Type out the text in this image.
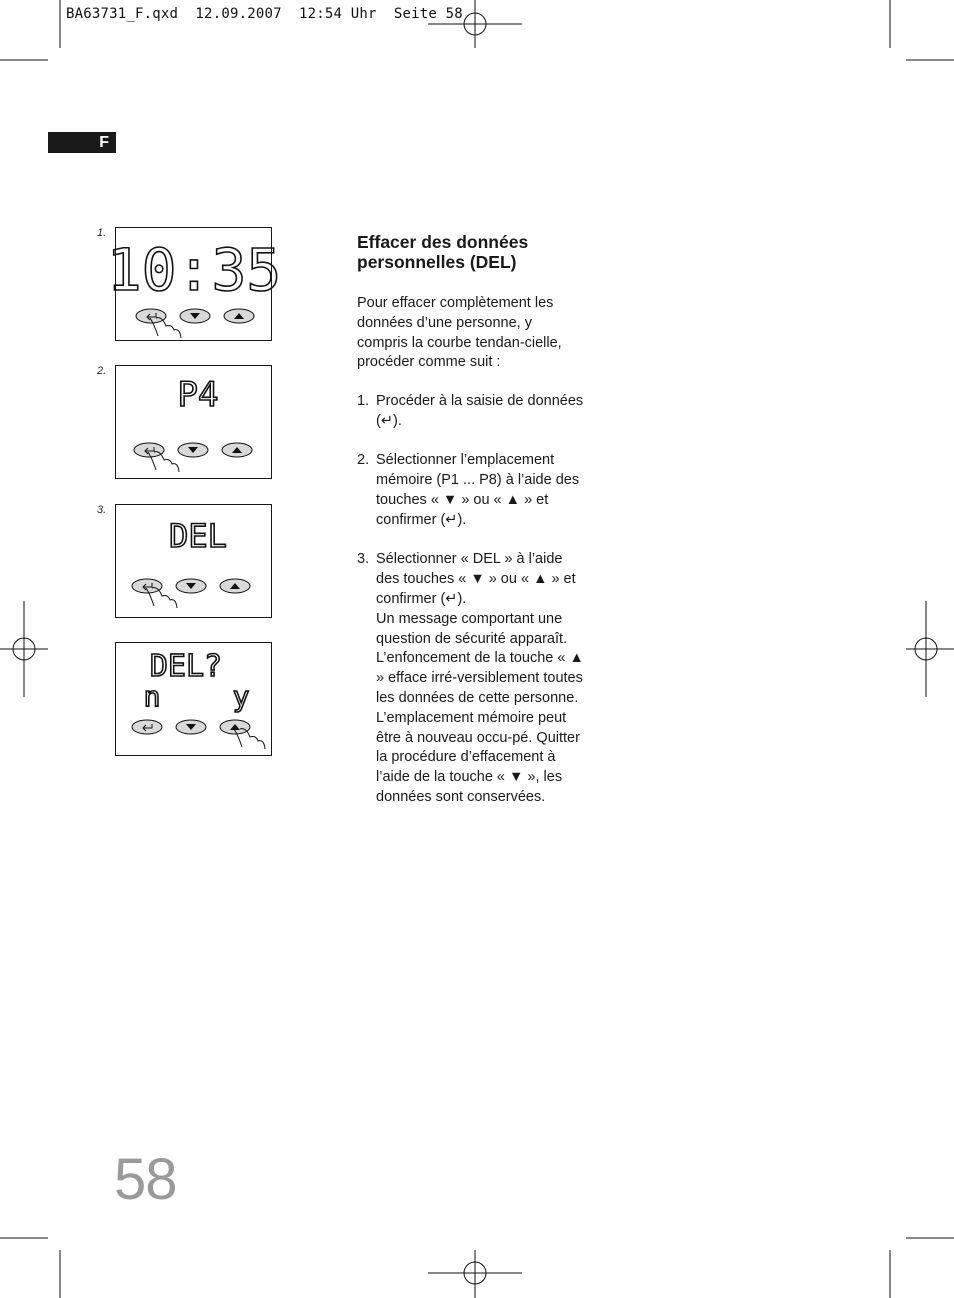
BA63731_F.qxd  12.09.2007  12:54 Uhr  Seite 58
F
1.
10:35
2.
P4
3.
DEL
DEL?
n	y
Effacer des données personnelles (DEL)
Pour effacer complètement les données d’une personne, y compris la courbe tendan-cielle, procéder comme suit :
1. Procéder à la saisie de données (↵).
2. Sélectionner l’emplacement mémoire (P1 ... P8) à l’aide des touches « ▼ » ou « ▲ » et confirmer (↵).
3. Sélectionner « DEL » à l’aide des touches « ▼ » ou « ▲ » et confirmer (↵).
Un message comportant une question de sécurité apparaît. L’enfoncement de la touche « ▲ » efface irré-versiblement toutes les données de cette personne. L’emplacement mémoire peut être à nouveau occu-pé. Quitter la procédure d’effacement à l’aide de la touche « ▼ », les données sont conservées.
58
